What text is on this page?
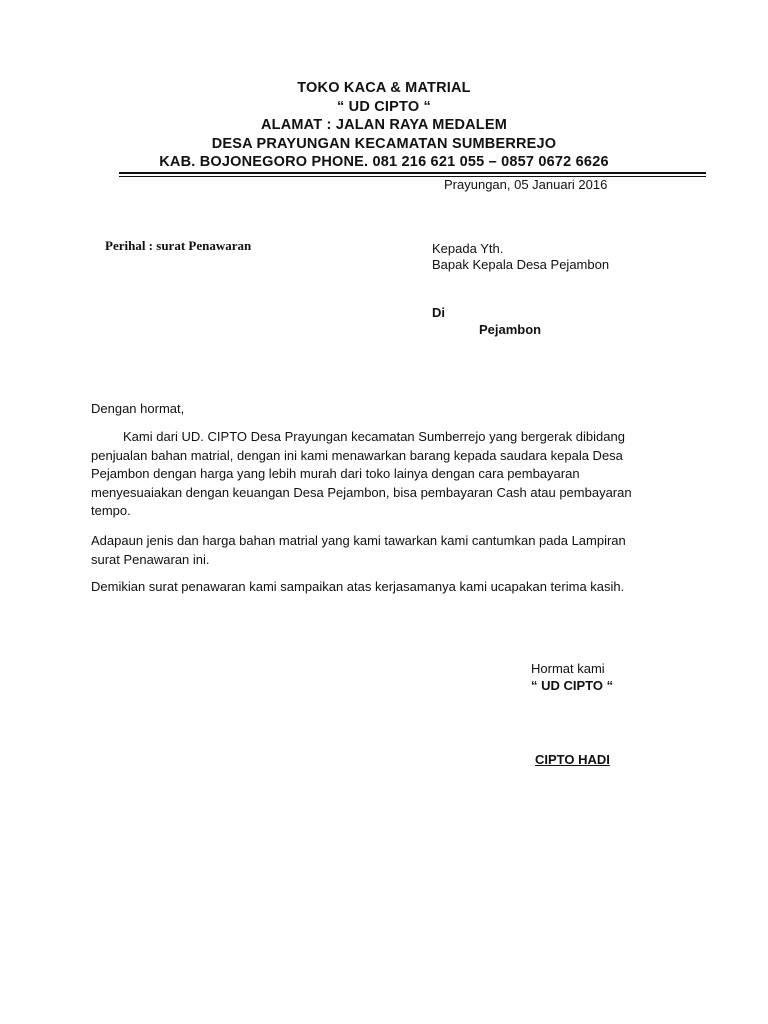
TOKO KACA & MATRIAL
“ UD CIPTO “
ALAMAT : JALAN RAYA MEDALEM
DESA PRAYUNGAN KECAMATAN SUMBERREJO
KAB. BOJONEGORO PHONE. 081 216 621 055 – 0857 0672 6626
Prayungan, 05 Januari 2016
Perihal : surat Penawaran	Kepada Yth.
Bapak Kepala Desa Pejambon
Di
Pejambon
Dengan hormat,
Kami dari UD. CIPTO Desa Prayungan kecamatan Sumberrejo yang bergerak dibidang
penjualan bahan matrial, dengan ini kami menawarkan barang kepada saudara kepala Desa
Pejambon dengan harga yang lebih murah dari toko lainya dengan cara pembayaran
menyesuaiakan dengan keuangan Desa Pejambon, bisa pembayaran Cash atau pembayaran
tempo.
Adapaun jenis dan harga bahan matrial yang kami tawarkan kami cantumkan pada Lampiran
surat Penawaran ini.
Demikian surat penawaran kami sampaikan atas kerjasamanya kami ucapakan terima kasih.
Hormat kami
“ UD CIPTO “
CIPTO HADI
